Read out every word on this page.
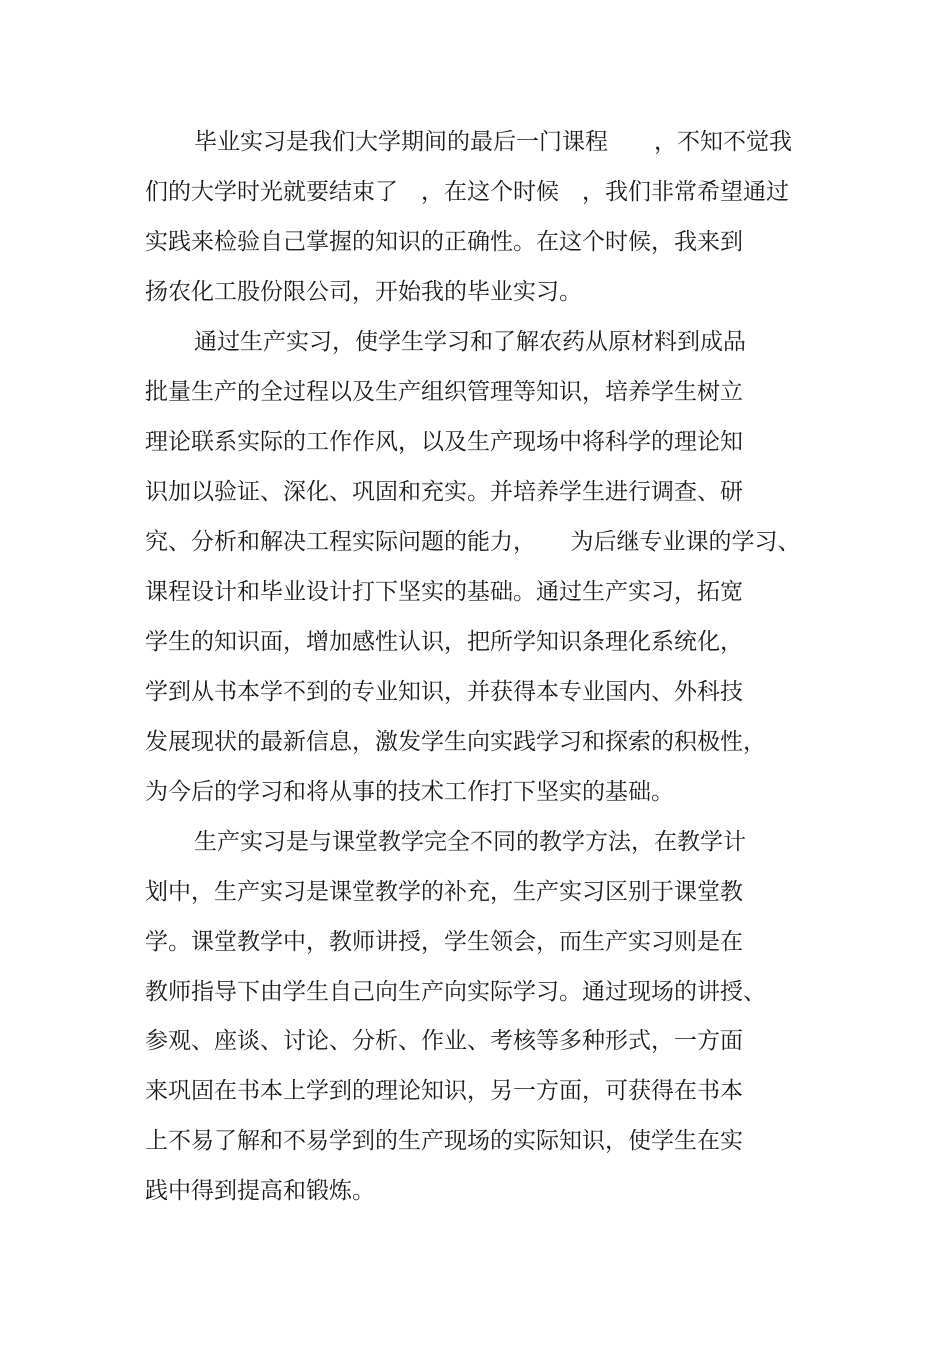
毕业实习是我们大学期间的最后一门课程　　，不知不觉我
们的大学时光就要结束了　，在这个时候　，我们非常希望通过
实践来检验自己掌握的知识的正确性。在这个时候，我来到
扬农化工股份限公司，开始我的毕业实习。
通过生产实习，使学生学习和了解农药从原材料到成品
批量生产的全过程以及生产组织管理等知识，培养学生树立
理论联系实际的工作作风，以及生产现场中将科学的理论知
识加以验证、深化、巩固和充实。并培养学生进行调查、研
究、分析和解决工程实际问题的能力，　　为后继专业课的学习、
课程设计和毕业设计打下坚实的基础。通过生产实习，拓宽
学生的知识面，增加感性认识，把所学知识条理化系统化，
学到从书本学不到的专业知识，并获得本专业国内、外科技
发展现状的最新信息，激发学生向实践学习和探索的积极性，
为今后的学习和将从事的技术工作打下坚实的基础。
生产实习是与课堂教学完全不同的教学方法，在教学计
划中，生产实习是课堂教学的补充，生产实习区别于课堂教
学。课堂教学中，教师讲授，学生领会，而生产实习则是在
教师指导下由学生自己向生产向实际学习。通过现场的讲授、
参观、座谈、讨论、分析、作业、考核等多种形式，一方面
来巩固在书本上学到的理论知识，另一方面，可获得在书本
上不易了解和不易学到的生产现场的实际知识，使学生在实
践中得到提高和锻炼。
